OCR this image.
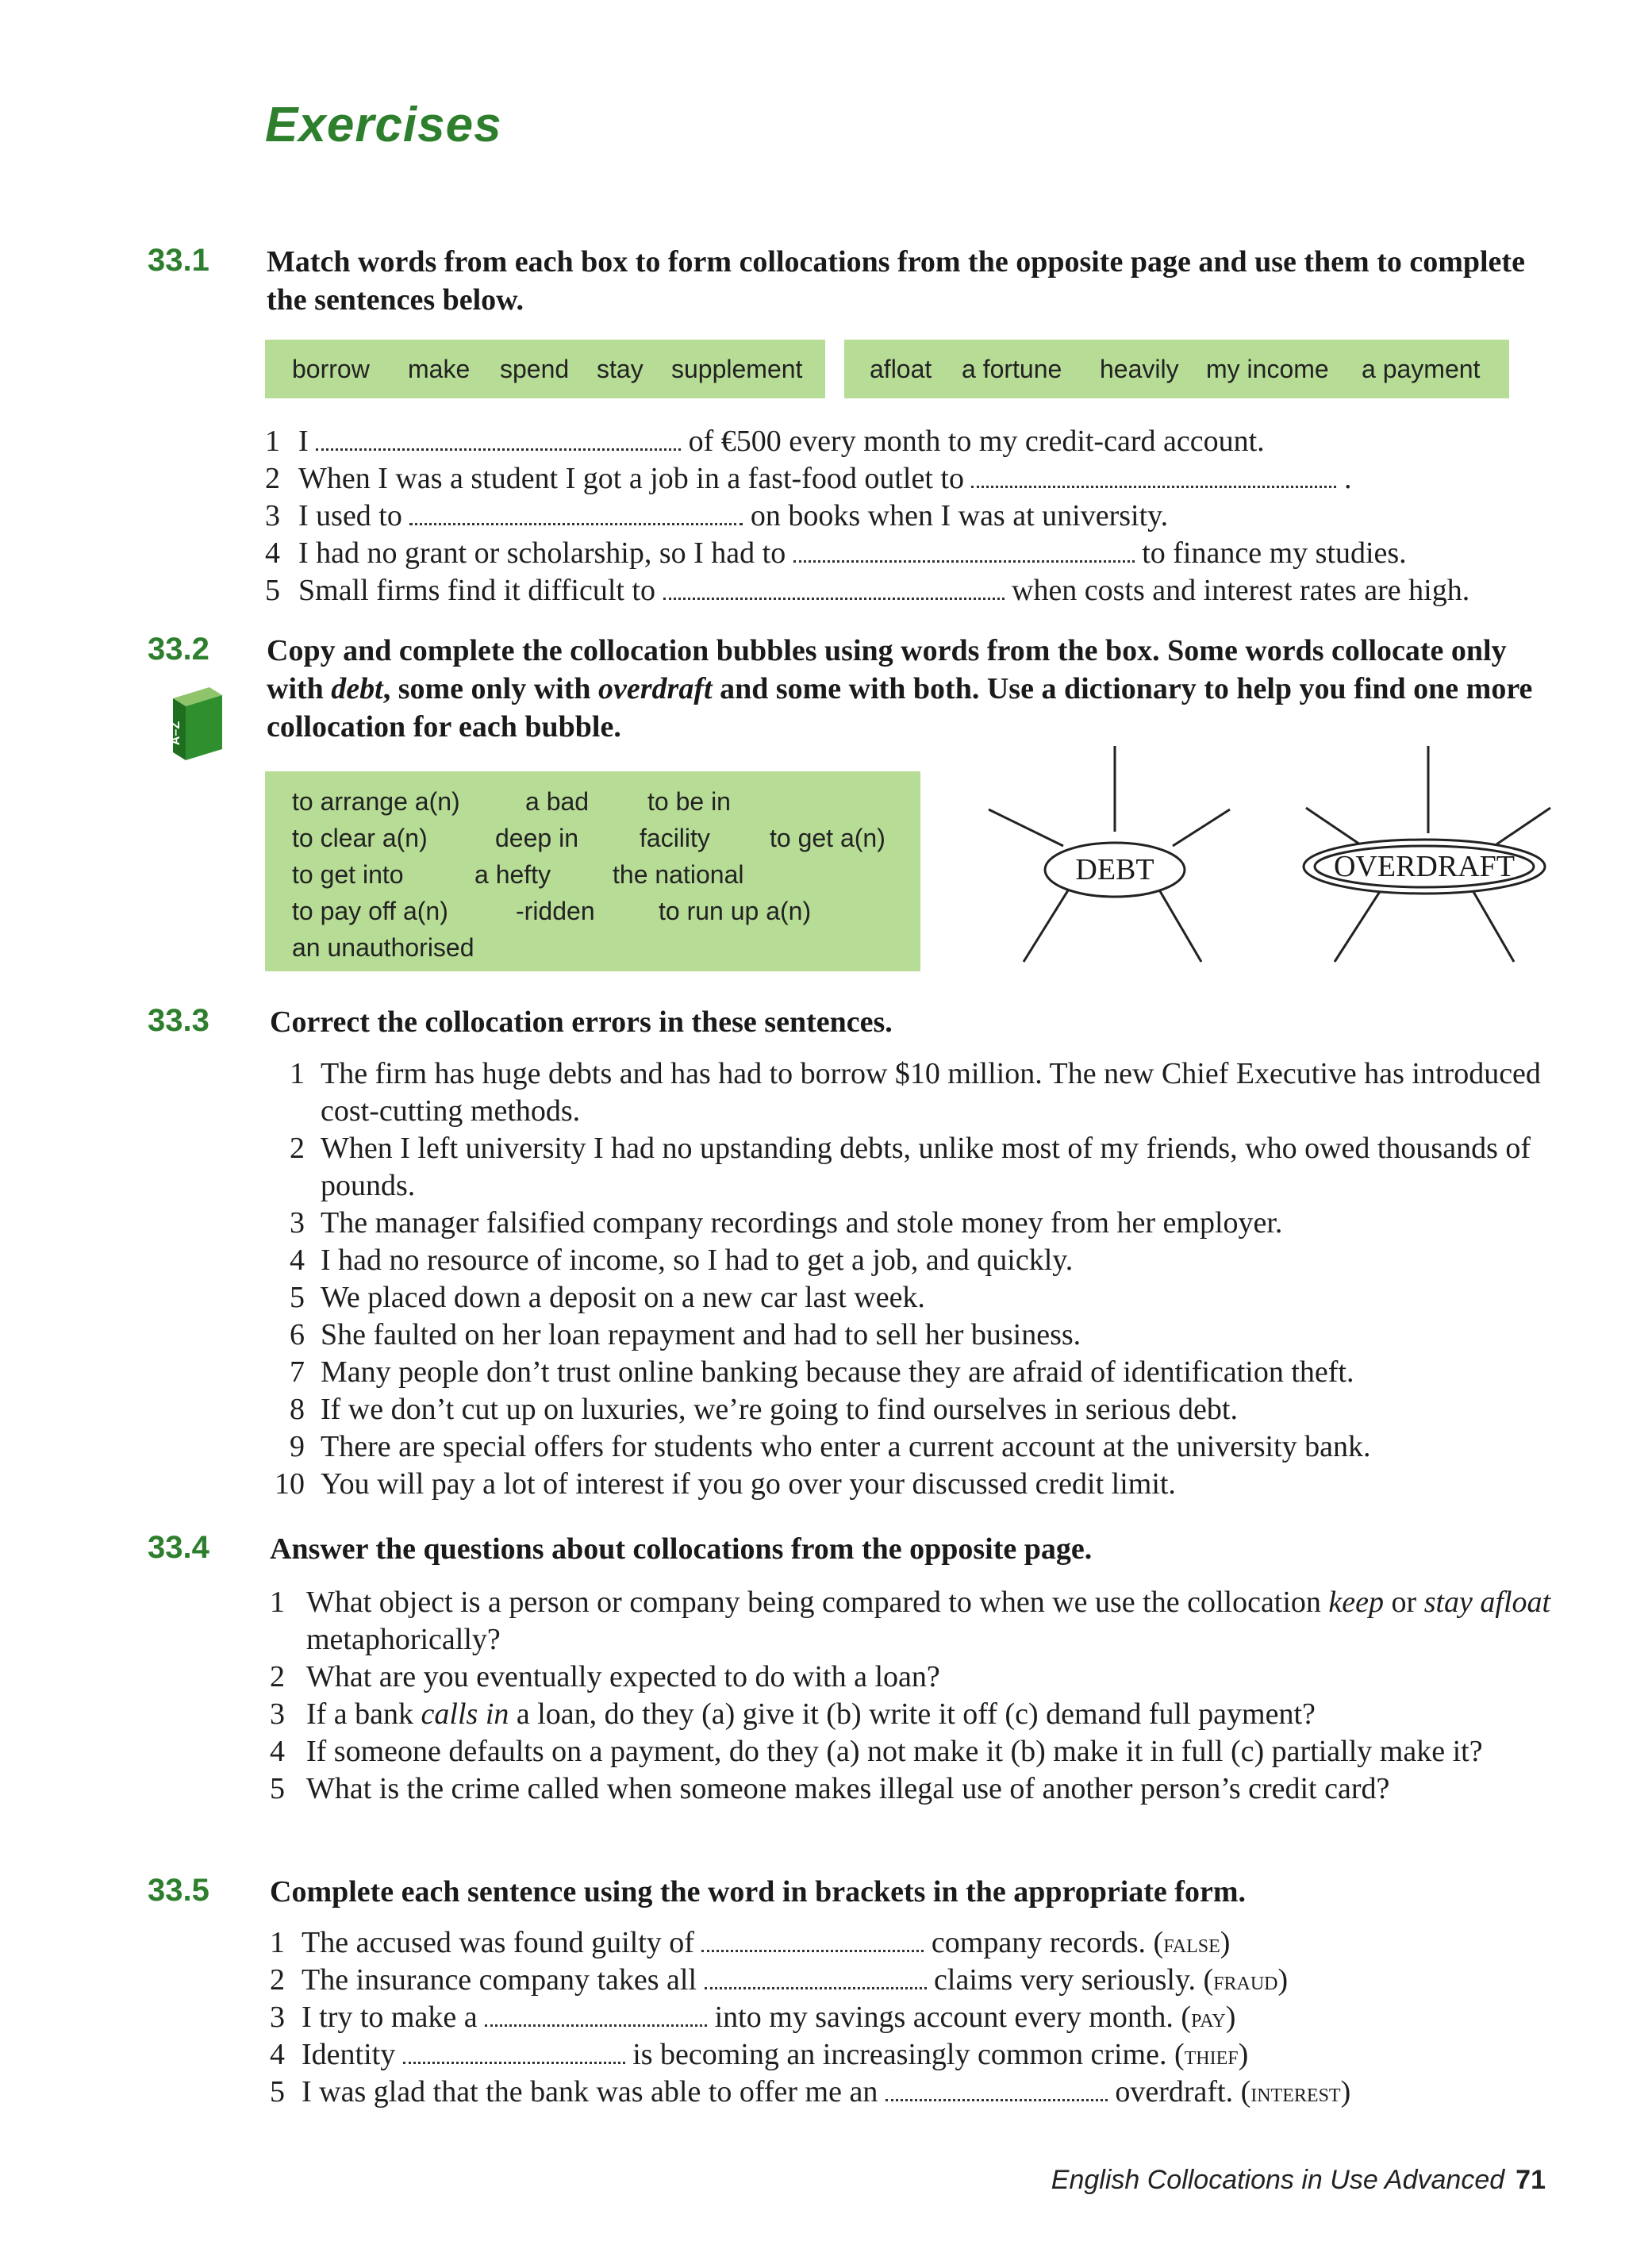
Exercises
33.1 Match words from each box to form collocations from the opposite page and use them to complete the sentences below.
borrow make spend stay supplement	afloat a fortune heavily my income a payment
1 I	of €500 every month to my credit-card account.
2 When I was a student I got a job in a fast-food outlet to	.
3 I used to	on books when I was at university.
4 I had no grant or scholarship, so I had to	to finance my studies.
5 Small firms find it difficult to	when costs and interest rates are high.
33.2
A–Z
Copy and complete the collocation bubbles using words from the box. Some words collocate only with debt, some only with overdraft and some with both. Use a dictionary to help you find one more collocation for each bubble.
to arrange a(n)	a bad to be in
to clear a(n)	deep in facility to get a(n)
to get into	a hefty the national
to pay off a(n)	-ridden	to run up a(n)
an unauthorised
DEBT	OVERDRAFT
33.3 Correct the collocation errors in these sentences.
1 The firm has huge debts and has had to borrow $10 million. The new Chief Executive has introduced cost-cutting methods.
2 When I left university I had no upstanding debts, unlike most of my friends, who owed thousands of pounds.
3 The manager falsified company recordings and stole money from her employer.
4 I had no resource of income, so I had to get a job, and quickly.
5 We placed down a deposit on a new car last week.
6 She faulted on her loan repayment and had to sell her business.
7 Many people don’t trust online banking because they are afraid of identification theft.
8 If we don’t cut up on luxuries, we’re going to find ourselves in serious debt.
9 There are special offers for students who enter a current account at the university bank.
10 You will pay a lot of interest if you go over your discussed credit limit.
33.4 Answer the questions about collocations from the opposite page.
1 What object is a person or company being compared to when we use the collocation keep or stay afloat metaphorically?
2 What are you eventually expected to do with a loan?
3 If a bank calls in a loan, do they (a) give it (b) write it off (c) demand full payment?
4 If someone defaults on a payment, do they (a) not make it (b) make it in full (c) partially make it?
5 What is the crime called when someone makes illegal use of another person’s credit card?
33.5 Complete each sentence using the word in brackets in the appropriate form.
1 The accused was found guilty of	company records. (false)
2 The insurance company takes all	claims very seriously. (fraud)
3 I try to make a	into my savings account every month. (pay)
4 Identity	is becoming an increasingly common crime. (thief)
5 I was glad that the bank was able to offer me an	overdraft. (interest)
English Collocations in Use Advanced 71
